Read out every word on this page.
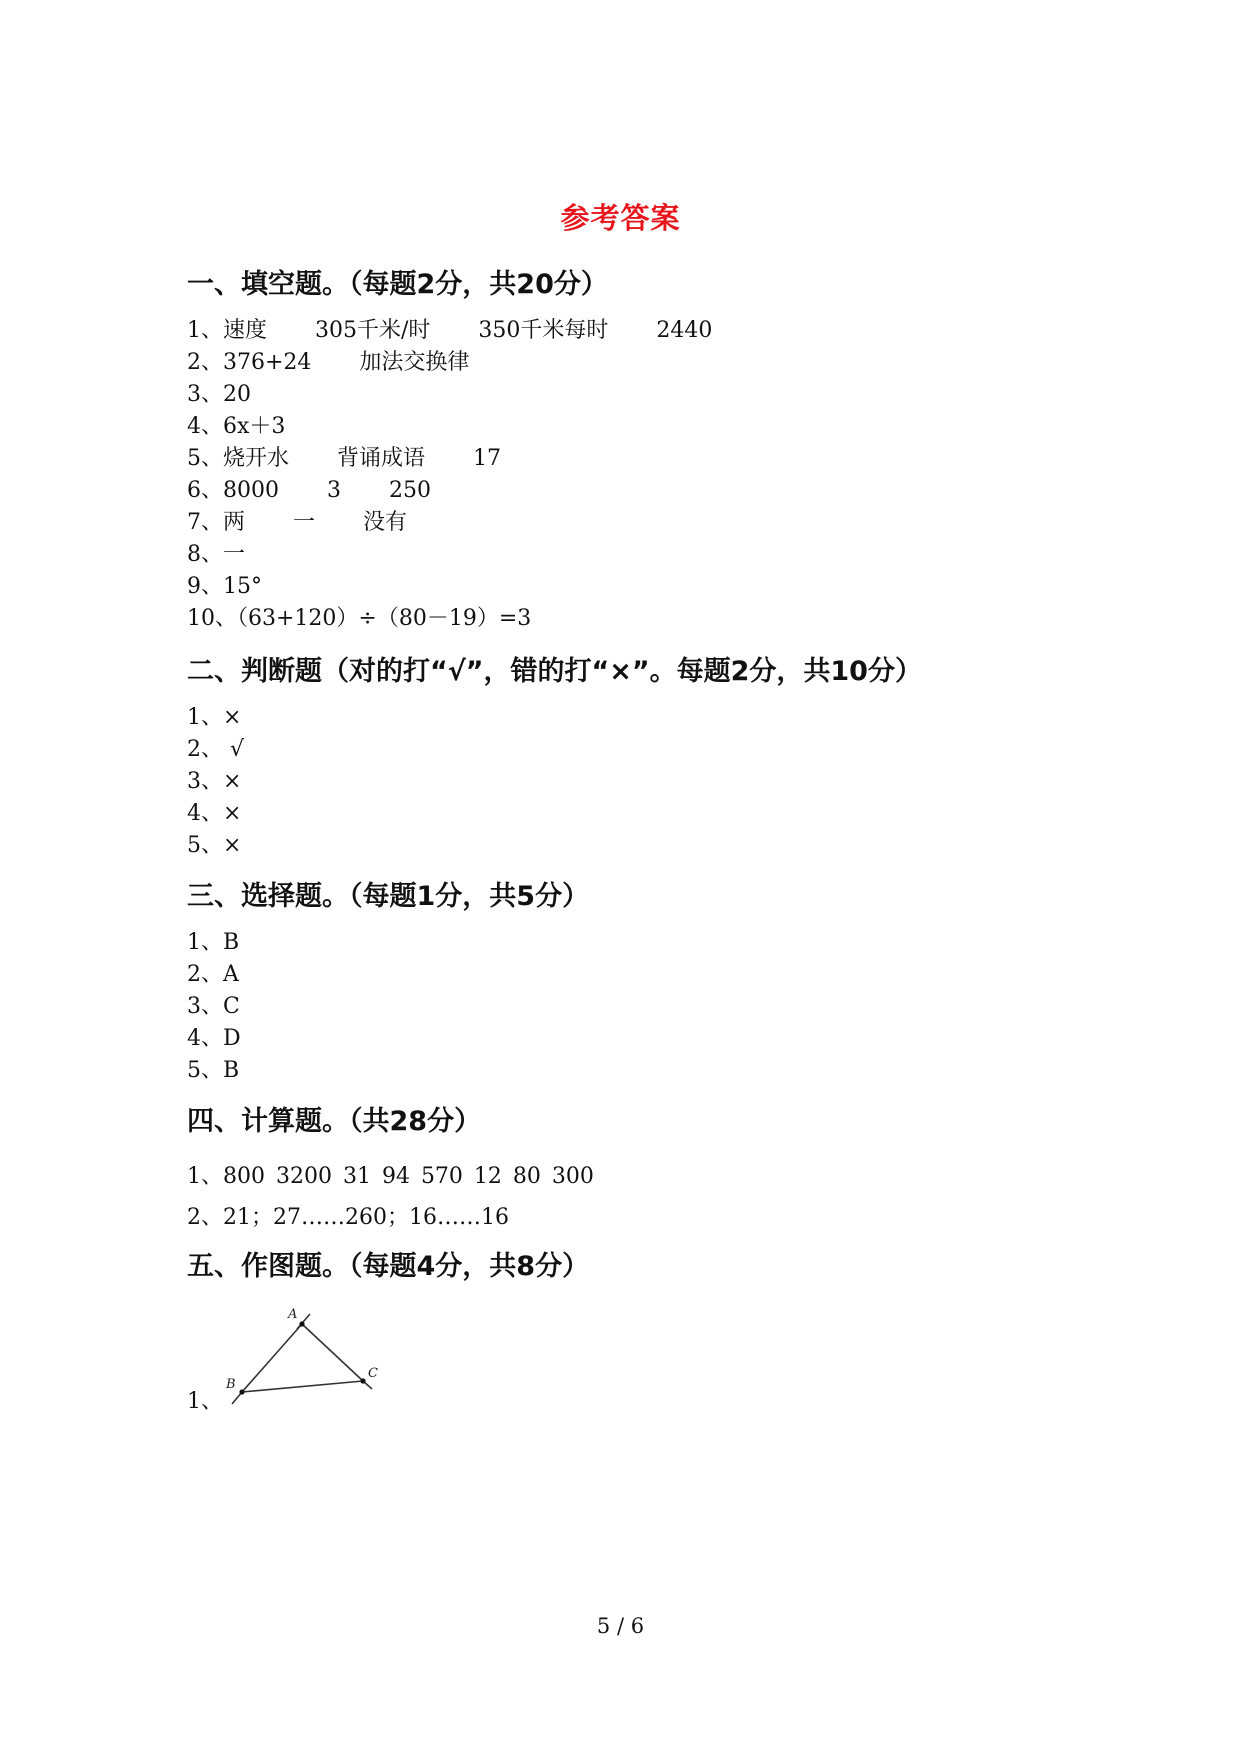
参考答案
一、填空题。（每题2分，共20分）
1、速度 305千米/时 350千米每时 2440
2、376+24 加法交换律
3、20
4、6x＋3
5、烧开水 背诵成语 17
6、8000 3 250
7、两 一 没有
8、一
9、15°
10、（63+120）÷（80－19）=3
二、判断题（对的打“√”，错的打“×”。每题2分，共10分）
1、×
2、 √
3、×
4、×
5、×
三、选择题。（每题1分，共5分）
1、B
2、A
3、C
4、D
5、B
四、计算题。（共28分）
1、800 3200 31 94 570 12 80 300
2、21；27……260；16……16
五、作图题。（每题4分，共8分）
1、
A
B
C
5 / 6
